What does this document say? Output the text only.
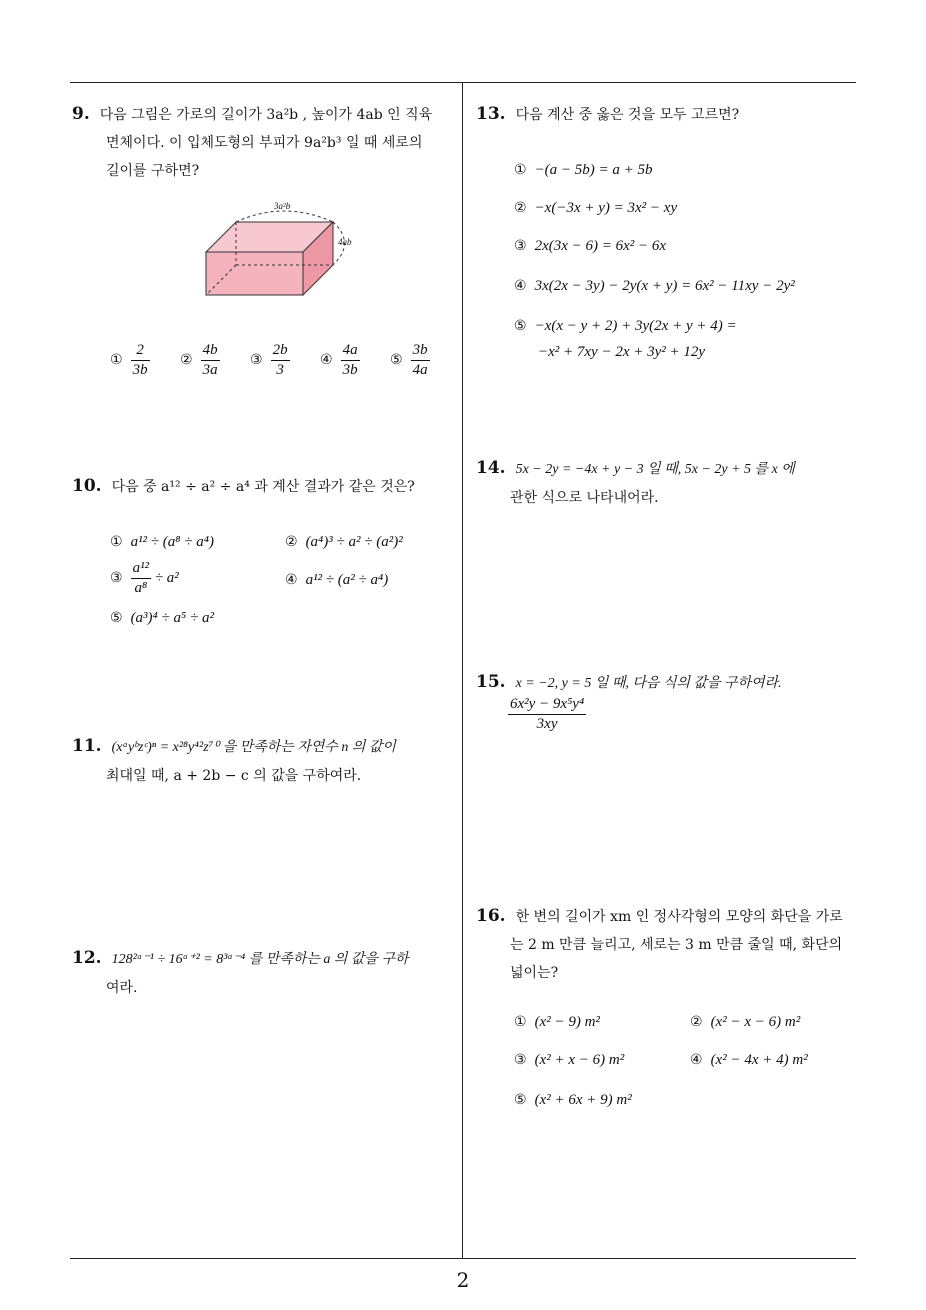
2
9. 다음 그림은 가로의 길이가 3a²b , 높이가 4ab 인 직육
면체이다. 이 입체도형의 부피가 9a²b³ 일 때 세로의
길이를 구하면?
3a²b
4ab
① $\frac{2}{3b}$ ② $\frac{4b}{3a}$ ③ $\frac{2b}{3}$ ④ $\frac{4a}{3b}$ ⑤ $\frac{3b}{4a}$
10. 다음 중 a¹² ÷ a² ÷ a⁴ 과 계산 결과가 같은 것은?
① a¹² ÷ (a⁸ ÷ a⁴)	② (a⁴)³ ÷ a² ÷ (a²)²
③ $\frac{\text{a¹²}}{\text{a⁸}} \div a^2$	④ a¹² ÷ (a² ÷ a⁴)
⑤ (a³)⁴ ÷ a⁵ ÷ a²
11. (xᵃyᵇzᶜ)ⁿ = x²⁸y⁴²z⁷⁰ 을 만족하는 자연수 n 의 값이
최대일 때, a + 2b − c 의 값을 구하여라.
12. 128²ᵃ⁻¹ ÷ 16ᵃ⁺² = 8³ᵃ⁻⁴ 를 만족하는 a 의 값을 구하
여라.
13. 다음 계산 중 옳은 것을 모두 고르면?
① −(a − 5b) = a + 5b
② −x(−3x + y) = 3x² − xy
③ 2x(3x − 6) = 6x² − 6x
④ 3x(2x − 3y) − 2y(x + y) = 6x² − 11xy − 2y²
⑤ −x(x − y + 2) + 3y(2x + y + 4) =
−x² + 7xy − 2x + 3y² + 12y
14. 5x − 2y = −4x + y − 3 일 때, 5x − 2y + 5 를 x 에
관한 식으로 나타내어라.
15. x = −2, y = 5 일 때, 다음 식의 값을 구하여라.
$\frac{\text{6x²y − 9x⁵y⁴}}{3xy}$
16. 한 변의 길이가 xm 인 정사각형의 모양의 화단을 가로
는 2 m 만큼 늘리고, 세로는 3 m 만큼 줄일 때, 화단의
넓이는?
① (x² − 9) m²	② (x² − x − 6) m²
③ (x² + x − 6) m²	④ (x² − 4x + 4) m²
⑤ (x² + 6x + 9) m²
